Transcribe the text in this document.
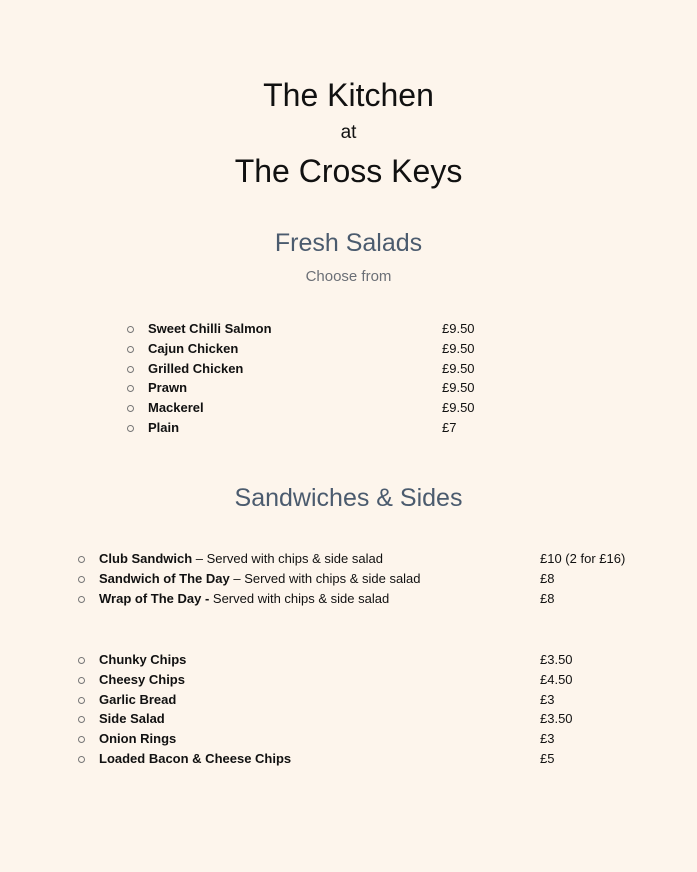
The Kitchen
at
The Cross Keys
Fresh Salads
Choose from
Sweet Chilli Salmon	£9.50
Cajun Chicken	£9.50
Grilled Chicken	£9.50
Prawn	£9.50
Mackerel	£9.50
Plain	£7
Sandwiches & Sides
Club Sandwich – Served with chips & side salad	£10 (2 for £16)
Sandwich of The Day – Served with chips & side salad	£8
Wrap of The Day - Served with chips & side salad	£8
Chunky Chips	£3.50
Cheesy Chips	£4.50
Garlic Bread	£3
Side Salad	£3.50
Onion Rings	£3
Loaded Bacon & Cheese Chips	£5
